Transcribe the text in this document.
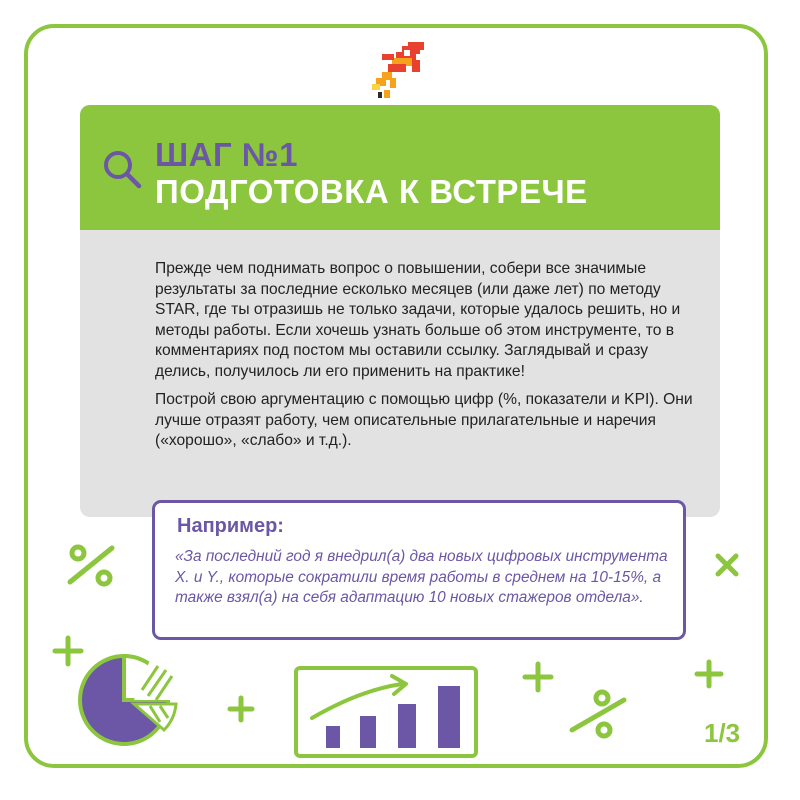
ШАГ №1
ПОДГОТОВКА К ВСТРЕЧЕ

Прежде чем поднимать вопрос о повышении, собери все значимые результаты за последние есколько месяцев (или даже лет) по методу STAR, где ты отразишь не только задачи, которые удалось решить, но и методы работы. Если хочешь узнать больше об этом инструменте, то в комментариях под постом мы оставили ссылку. Заглядывай и сразу делись, получилось ли его применить на практике!

Построй свою аргументацию с помощью цифр (%, показатели и KPI). Они лучше отразят работу, чем описательные прилагательные и наречия («хорошо», «слабо» и т.д.).

Например:
«За последний год я внедрил(а) два новых цифровых инструмента X. и Y., которые сократили время работы в среднем на 10-15%, а также взял(а) на себя адаптацию 10 новых стажеров отдела».
1/3
